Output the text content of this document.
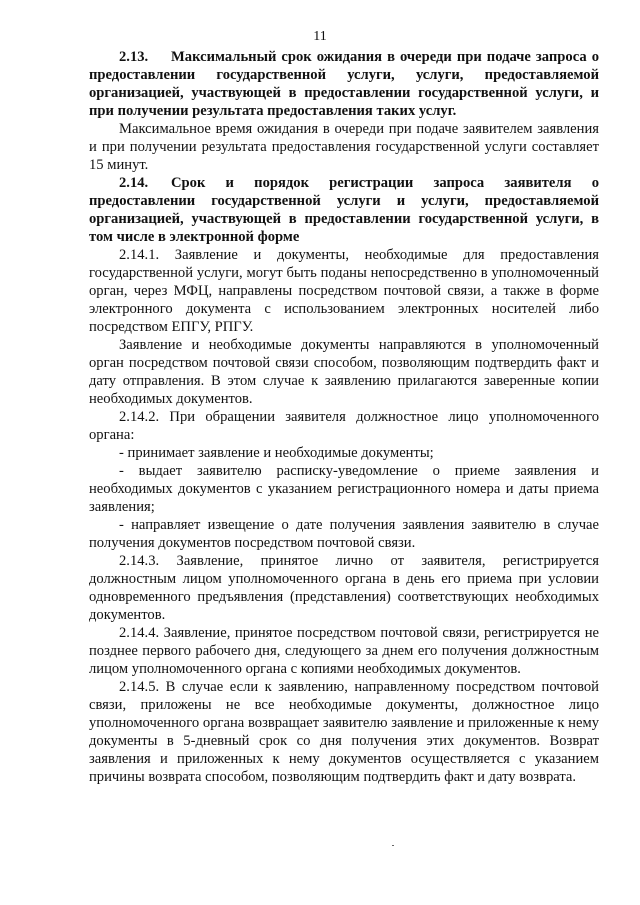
11

2.13. Максимальный срок ожидания в очереди при подаче запроса о предоставлении государственной услуги, услуги, предоставляемой организацией, участвующей в предоставлении государственной услуги, и при получении результата предоставления таких услуг.

Максимальное время ожидания в очереди при подаче заявителем заявления и при получении результата предоставления государственной услуги составляет 15 минут.

2.14. Срок и порядок регистрации запроса заявителя о предоставлении государственной услуги и услуги, предоставляемой организацией, участвующей в предоставлении государственной услуги, в том числе в электронной форме

2.14.1. Заявление и документы, необходимые для предоставления государственной услуги, могут быть поданы непосредственно в уполномоченный орган, через МФЦ, направлены посредством почтовой связи, а также в форме электронного документа с использованием электронных носителей либо посредством ЕПГУ, РПГУ.

Заявление и необходимые документы направляются в уполномоченный орган посредством почтовой связи способом, позволяющим подтвердить факт и дату отправления. В этом случае к заявлению прилагаются заверенные копии необходимых документов.

2.14.2. При обращении заявителя должностное лицо уполномоченного органа:

- принимает заявление и необходимые документы;

- выдает заявителю расписку-уведомление о приеме заявления и необходимых документов с указанием регистрационного номера и даты приема заявления;

- направляет извещение о дате получения заявления заявителю в случае получения документов посредством почтовой связи.

2.14.3. Заявление, принятое лично от заявителя, регистрируется должностным лицом уполномоченного органа в день его приема при условии одновременного предъявления (представления) соответствующих необходимых документов.

2.14.4. Заявление, принятое посредством почтовой связи, регистрируется не позднее первого рабочего дня, следующего за днем его получения должностным лицом уполномоченного органа с копиями необходимых документов.

2.14.5. В случае если к заявлению, направленному посредством почтовой связи, приложены не все необходимые документы, должностное лицо уполномоченного органа возвращает заявителю заявление и приложенные к нему документы в 5-дневный срок со дня получения этих документов. Возврат заявления и приложенных к нему документов осуществляется с указанием причины возврата способом, позволяющим подтвердить факт и дату возврата.
